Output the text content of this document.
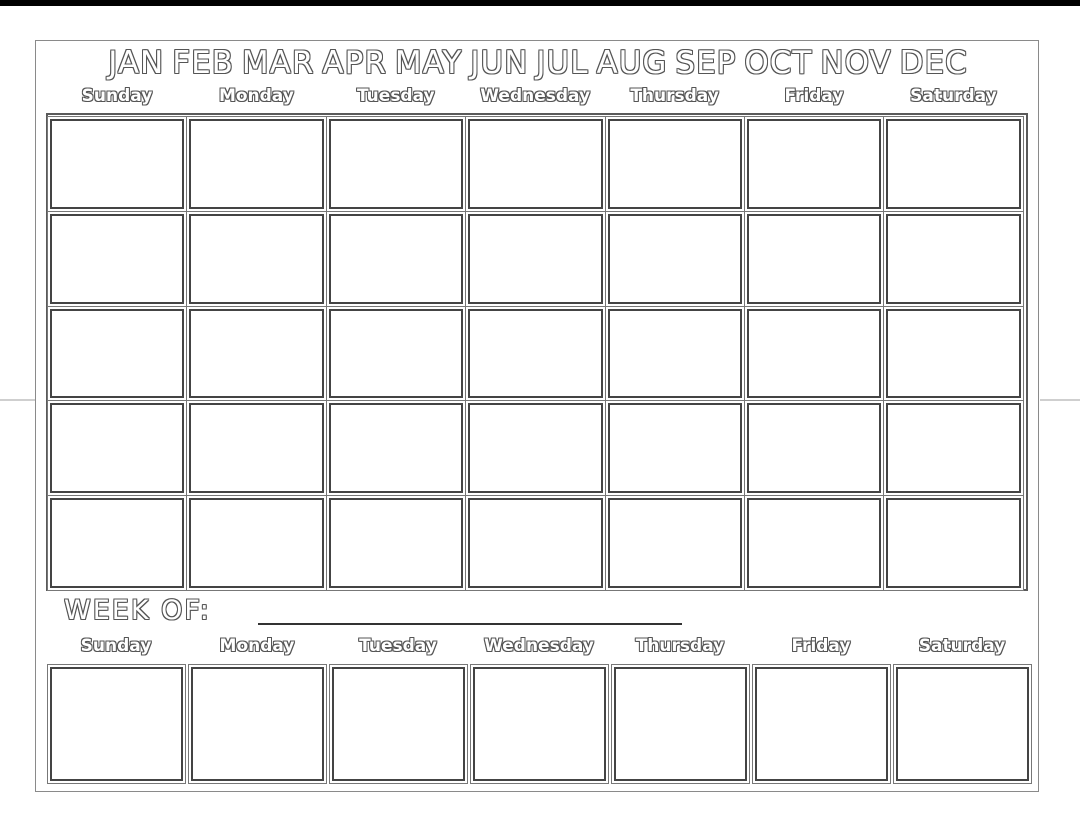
JAN FEB MAR APR MAY JUN JUL AUG SEP OCT NOV DEC
Sunday	Monday	Tuesday	Wednesday	Thursday	Friday	Saturday
WEEK OF:
Sunday	Monday	Tuesday	Wednesday	Thursday	Friday	Saturday
